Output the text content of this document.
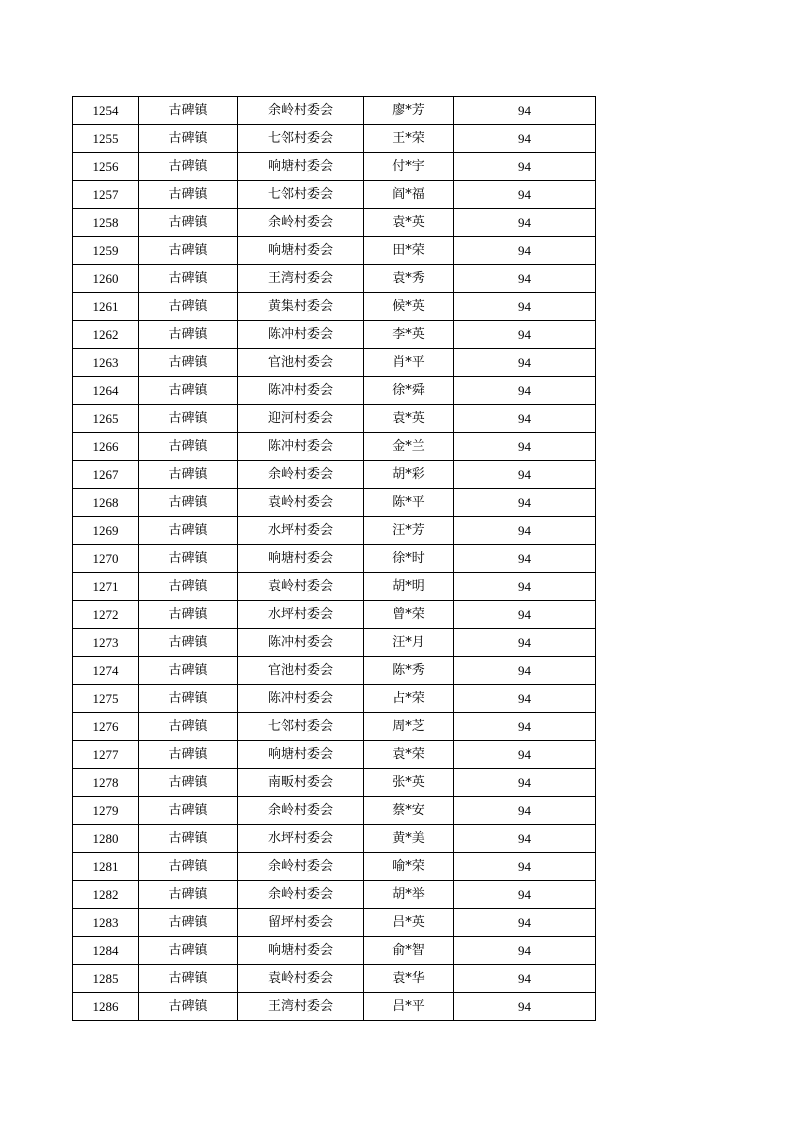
1254	古碑镇	余岭村委会	廖*芳	94
1255	古碑镇	七邻村委会	王*荣	94
1256	古碑镇	响塘村委会	付*宇	94
1257	古碑镇	七邻村委会	阎*福	94
1258	古碑镇	余岭村委会	袁*英	94
1259	古碑镇	响塘村委会	田*荣	94
1260	古碑镇	王湾村委会	袁*秀	94
1261	古碑镇	黄集村委会	候*英	94
1262	古碑镇	陈冲村委会	李*英	94
1263	古碑镇	官池村委会	肖*平	94
1264	古碑镇	陈冲村委会	徐*舜	94
1265	古碑镇	迎河村委会	袁*英	94
1266	古碑镇	陈冲村委会	金*兰	94
1267	古碑镇	余岭村委会	胡*彩	94
1268	古碑镇	袁岭村委会	陈*平	94
1269	古碑镇	水坪村委会	汪*芳	94
1270	古碑镇	响塘村委会	徐*时	94
1271	古碑镇	袁岭村委会	胡*明	94
1272	古碑镇	水坪村委会	曾*荣	94
1273	古碑镇	陈冲村委会	汪*月	94
1274	古碑镇	官池村委会	陈*秀	94
1275	古碑镇	陈冲村委会	占*荣	94
1276	古碑镇	七邻村委会	周*芝	94
1277	古碑镇	响塘村委会	袁*荣	94
1278	古碑镇	南畈村委会	张*英	94
1279	古碑镇	余岭村委会	蔡*安	94
1280	古碑镇	水坪村委会	黄*美	94
1281	古碑镇	余岭村委会	喻*荣	94
1282	古碑镇	余岭村委会	胡*举	94
1283	古碑镇	留坪村委会	吕*英	94
1284	古碑镇	响塘村委会	俞*智	94
1285	古碑镇	袁岭村委会	袁*华	94
1286	古碑镇	王湾村委会	吕*平	94
